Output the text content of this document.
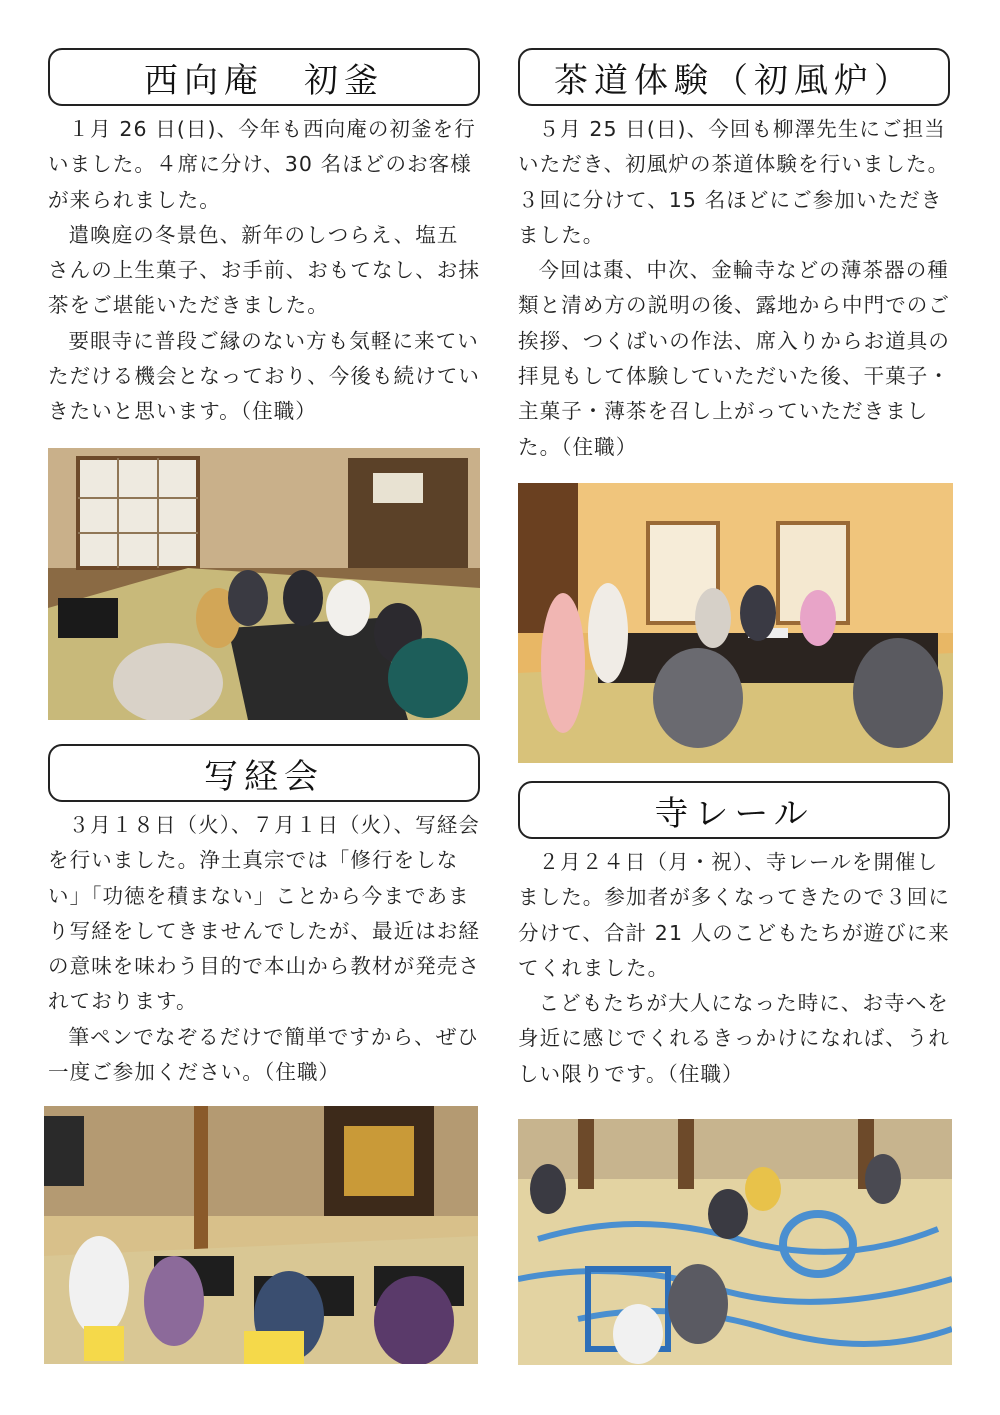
西向庵　初釜

１月 26 日(日)、今年も西向庵の初釜を行いました。４席に分け、30 名ほどのお客様が来られました。

遣喚庭の冬景色、新年のしつらえ、塩五さんの上生菓子、お手前、おもてなし、お抹茶をご堪能いただきました。

要眼寺に普段ご縁のない方も気軽に来ていただける機会となっており、今後も続けていきたいと思います。（住職）

茶道体験（初風炉）

５月 25 日(日)、今回も柳澤先生にご担当いただき、初風炉の茶道体験を行いました。３回に分けて、15 名ほどにご参加いただきました。

今回は棗、中次、金輪寺などの薄茶器の種類と清め方の説明の後、露地から中門でのご挨拶、つくばいの作法、席入りからお道具の拝見もして体験していただいた後、干菓子・主菓子・薄茶を召し上がっていただきました。（住職）

写経会

３月１８日（火）、７月１日（火）、写経会を行いました。浄土真宗では「修行をしない」「功徳を積まない」ことから今まであまり写経をしてきませんでしたが、最近はお経の意味を味わう目的で本山から教材が発売されております。

筆ペンでなぞるだけで簡単ですから、ぜひ一度ご参加ください。（住職）

寺レール

２月２４日（月・祝）、寺レールを開催しました。参加者が多くなってきたので３回に分けて、合計 21 人のこどもたちが遊びに来てくれました。

こどもたちが大人になった時に、お寺へを身近に感じでくれるきっかけになれば、うれしい限りです。（住職）
